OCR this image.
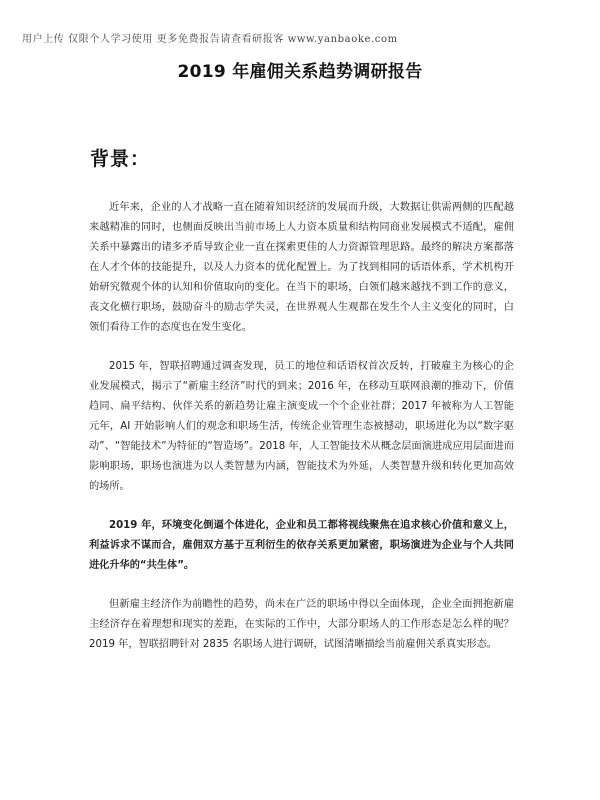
用户上传 仅限个人学习使用 更多免费报告请查看研报客 www.yanbaoke.com
2019 年雇佣关系趋势调研报告
背景：

近年来，企业的人才战略一直在随着知识经济的发展而升级，大数据让供需两侧的匹配越来越精准的同时，也侧面反映出当前市场上人力资本质量和结构同商业发展模式不适配，雇佣关系中暴露出的诸多矛盾导致企业一直在探索更佳的人力资源管理思路。最终的解决方案都落在人才个体的技能提升，以及人力资本的优化配置上。为了找到相同的话语体系，学术机构开始研究微观个体的认知和价值取向的变化。在当下的职场，白领们越来越找不到工作的意义，丧文化横行职场，鼓励奋斗的励志学失灵，在世界观人生观都在发生个人主义变化的同时，白领们看待工作的态度也在发生变化。

2015 年，智联招聘通过调查发现，员工的地位和话语权首次反转，打破雇主为核心的企业发展模式，揭示了“新雇主经济”时代的到来；2016 年，在移动互联网浪潮的推动下，价值趋同、扁平结构、伙伴关系的新趋势让雇主演变成一个个企业社群；2017 年被称为人工智能元年，AI 开始影响人们的观念和职场生活，传统企业管理生态被撼动，职场进化为以“数字驱动”、“智能技术”为特征的“智造场”。2018 年，人工智能技术从概念层面演进成应用层面进而影响职场，职场也演进为以人类智慧为内涵，智能技术为外延，人类智慧升级和转化更加高效的场所。

2019 年，环境变化倒逼个体进化，企业和员工都将视线聚焦在追求核心价值和意义上， 利益诉求不谋而合，雇佣双方基于互利衍生的依存关系更加紧密，职场演进为企业与个人共同进化升华的“共生体”。

但新雇主经济作为前瞻性的趋势，尚未在广泛的职场中得以全面体现，企业全面拥抱新雇主经济存在着理想和现实的差距，在实际的工作中，大部分职场人的工作形态是怎么样的呢？2019 年，智联招聘针对 2835 名职场人进行调研，试图清晰描绘当前雇佣关系真实形态。
